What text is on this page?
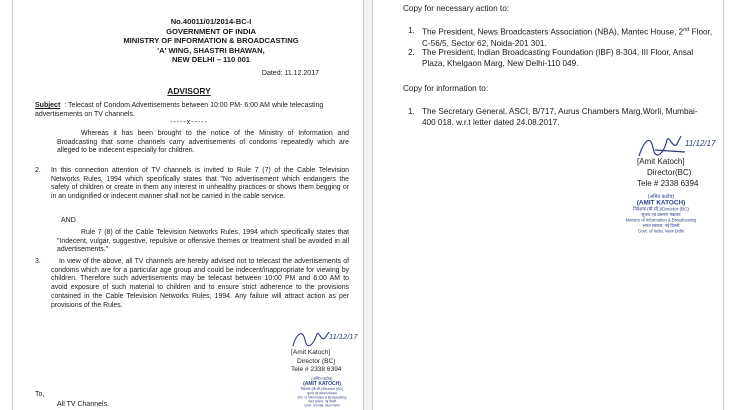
No.40011/01/2014-BC-I
GOVERNMENT OF INDIA
MINISTRY OF INFORMATION & BROADCASTING
'A' WING, SHASTRI BHAWAN,
NEW DELHI – 110 001
Dated: 11.12.2017
ADVISORY
Subject : Telecast of Condom Advertisements between 10:00 PM- 6:00 AM while telecasting advertisements on TV channels.
-----x-----
Whereas it has been brought to the notice of the Ministry of Information and Broadcasting that some channels carry advertisements of condoms repeatedly which are alleged to be indecent especially for children.
2. In this connection attention of TV channels is invited to Rule 7 (7) of the Cable Television Networks Rules, 1994 which specifically states that "No advertisement which endangers the safety of children or create in them any interest in unhealthy practices or shows them begging or in an undignified or indecent manner shall not be carried in the cable service.
AND
Rule 7 (8) of the Cable Television Networks Rules, 1994 which specifically states that "Indecent, vulgar, suggestive, repulsive or offensive themes or treatment shall be avoided in all advertisements."
3.	In view of the above, all TV channels are hereby advised not to telecast the advertisements of condoms which are for a particular age group and could be indecent/inappropriate for viewing by children. Therefore such advertisements may be telecast between 10:00 PM and 6:00 AM to avoid exposure of such material to children and to ensure strict adherence to the provisions contained in the Cable Television Networks Rules, 1994. Any failure will attract action as per provisions of the Rules.
11/12/17
[Amit Katoch]
Director (BC)
Tele # 2338 6394
(अमित कटोच)
(AMIT KATOCH)
निदेशक (बी.सी.)/Director (BC)
सूचना एवं प्रसारण मंत्रालय
Min. of Information & Broadcasting
भारत सरकार, नई दिल्ली
Govt. of India, New Delhi
To,
All TV Channels.
Copy for necessary action to:
1. The President, News Broadcasters Association (NBA), Mantec House, 2nd Floor, C-56/5, Sector 62, Noida-201 301.
2. The President, Indian Broadcasting Foundation (IBF) 8-304, III Floor, Ansal Plaza, Khelgaon Marg, New Delhi-110 049.
Copy for information to:
1. The Secretary General, ASCI, B/717, Aurus Chambers Marg,Worli, Mumbai-400 018. w.r.t letter dated 24.08.2017.
11/12/17
[Amit Katoch]
Director(BC)
Tele # 2338 6394
(अमित कटोच)
(AMIT KATOCH)
निदेशक (बी.सी.)/Director (BC)
सूचना एवं प्रसारण मंत्रालय
Ministry of Information & Broadcasting
भारत सरकार, नई दिल्ली
Govt. of India, New Delhi
